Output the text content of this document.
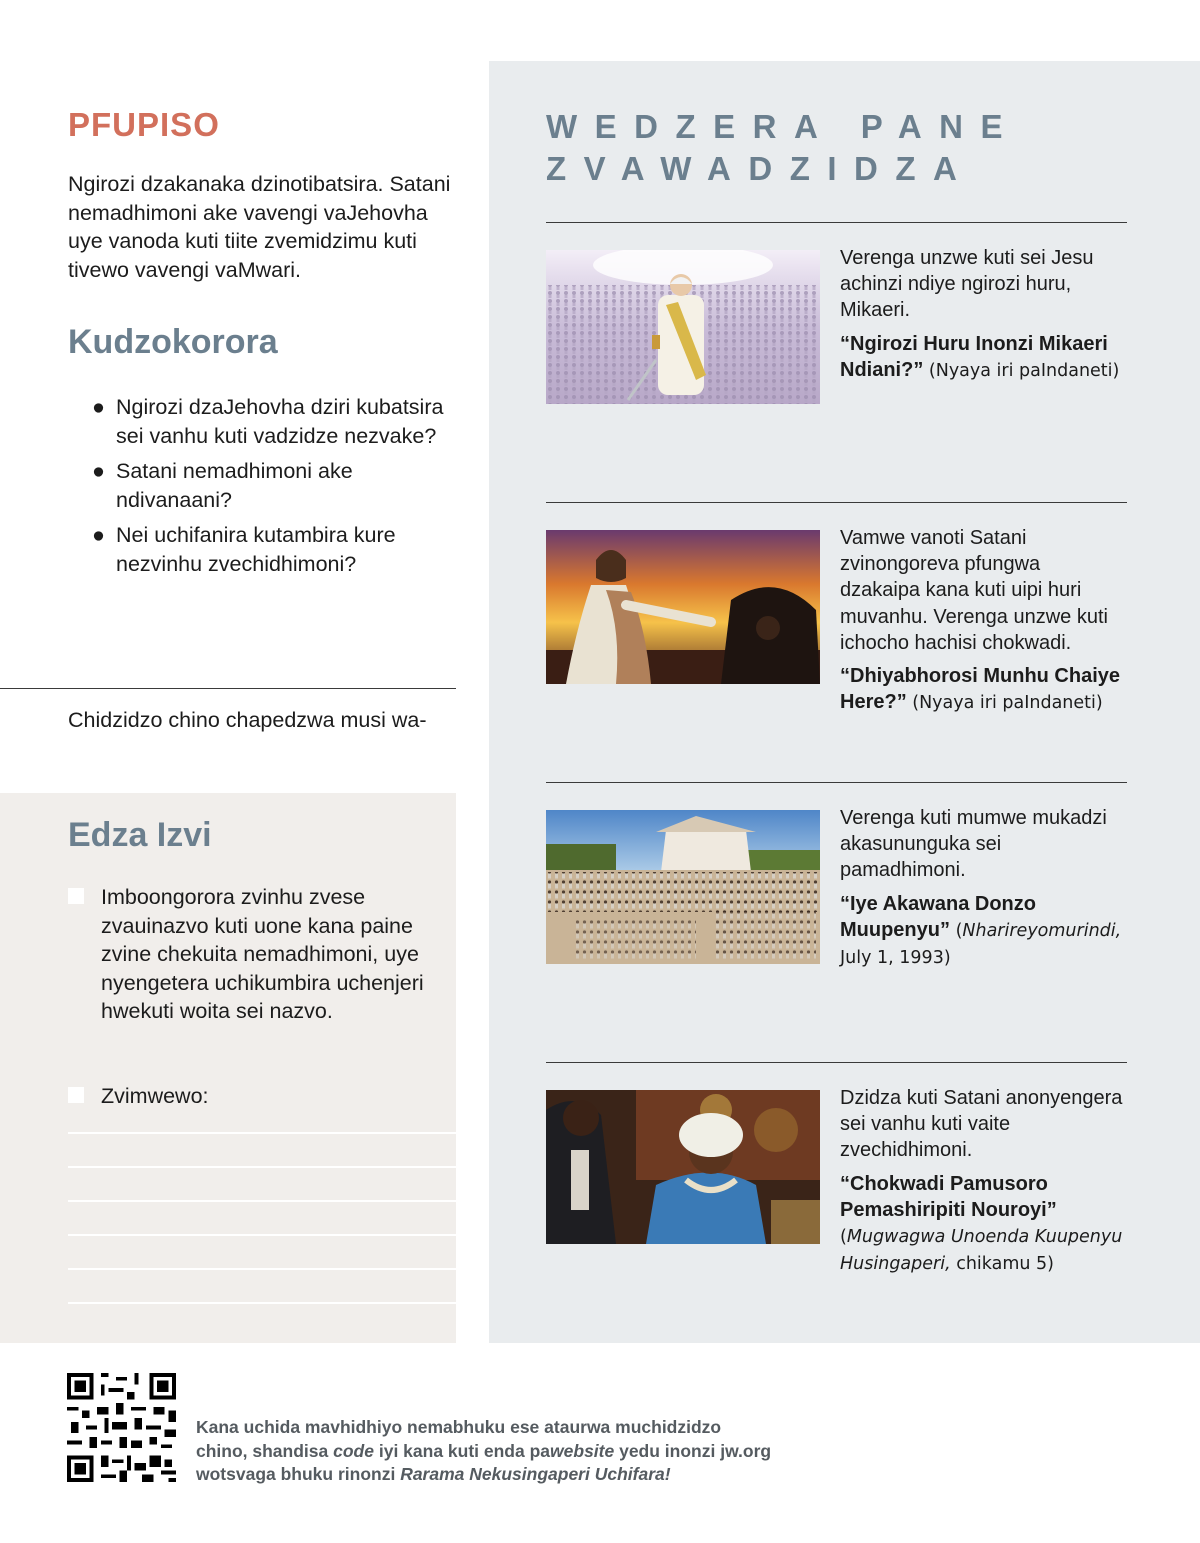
PFUPISO

Ngirozi dzakanaka dzinotibatsira. Satani nemadhimoni ake vavengi vaJehovha uye vanoda kuti tiite zvemidzimu kuti tivewo vavengi vaMwari.

Kudzokorora
● Ngirozi dzaJehovha dziri kubatsira sei vanhu kuti vadzidze nezvake?
● Satani nemadhimoni ake ndivanaani?
● Nei uchifanira kutambira kure nezvinhu zvechidhimoni?

Chidzidzo chino chapedzwa musi wa-

Edza Izvi
Imboongorora zvinhu zvese zvauinazvo kuti uone kana paine zvine chekuita nemadhimoni, uye nyengetera uchikumbira uchenjeri hwekuti woita sei nazvo.
Zvimwewo:
WEDZERA PANE ZVAWADZIDZA

Verenga unzwe kuti sei Jesu achinzi ndiye ngirozi huru, Mikaeri.

“Ngirozi Huru Inonzi Mikaeri Ndiani?” (Nyaya iri paIndaneti)

Vamwe vanoti Satani zvinongoreva pfungwa dzakaipa kana kuti uipi huri muvanhu. Verenga unzwe kuti ichocho hachisi chokwadi.

“Dhiyabhorosi Munhu Chaiye Here?” (Nyaya iri paIndaneti)

Verenga kuti mumwe mukadzi akasununguka sei pamadhimoni.

“Iye Akawana Donzo Muupenyu” (Nharireyomurindi, July 1, 1993)

Dzidza kuti Satani anonyengera sei vanhu kuti vaite zvechidhimoni.

“Chokwadi Pamusoro Pemashiripiti Nouroyi” (Mugwagwa Unoenda Kuupenyu Husingaperi, chikamu 5)

Kana uchida mavhidhiyo nemabhuku ese ataurwa muchidzidzo chino, shandisa code iyi kana kuti enda pawebsite yedu inonzi jw.org wotsvaga bhuku rinonzi Rarama Nekusingaperi Uchifara!
